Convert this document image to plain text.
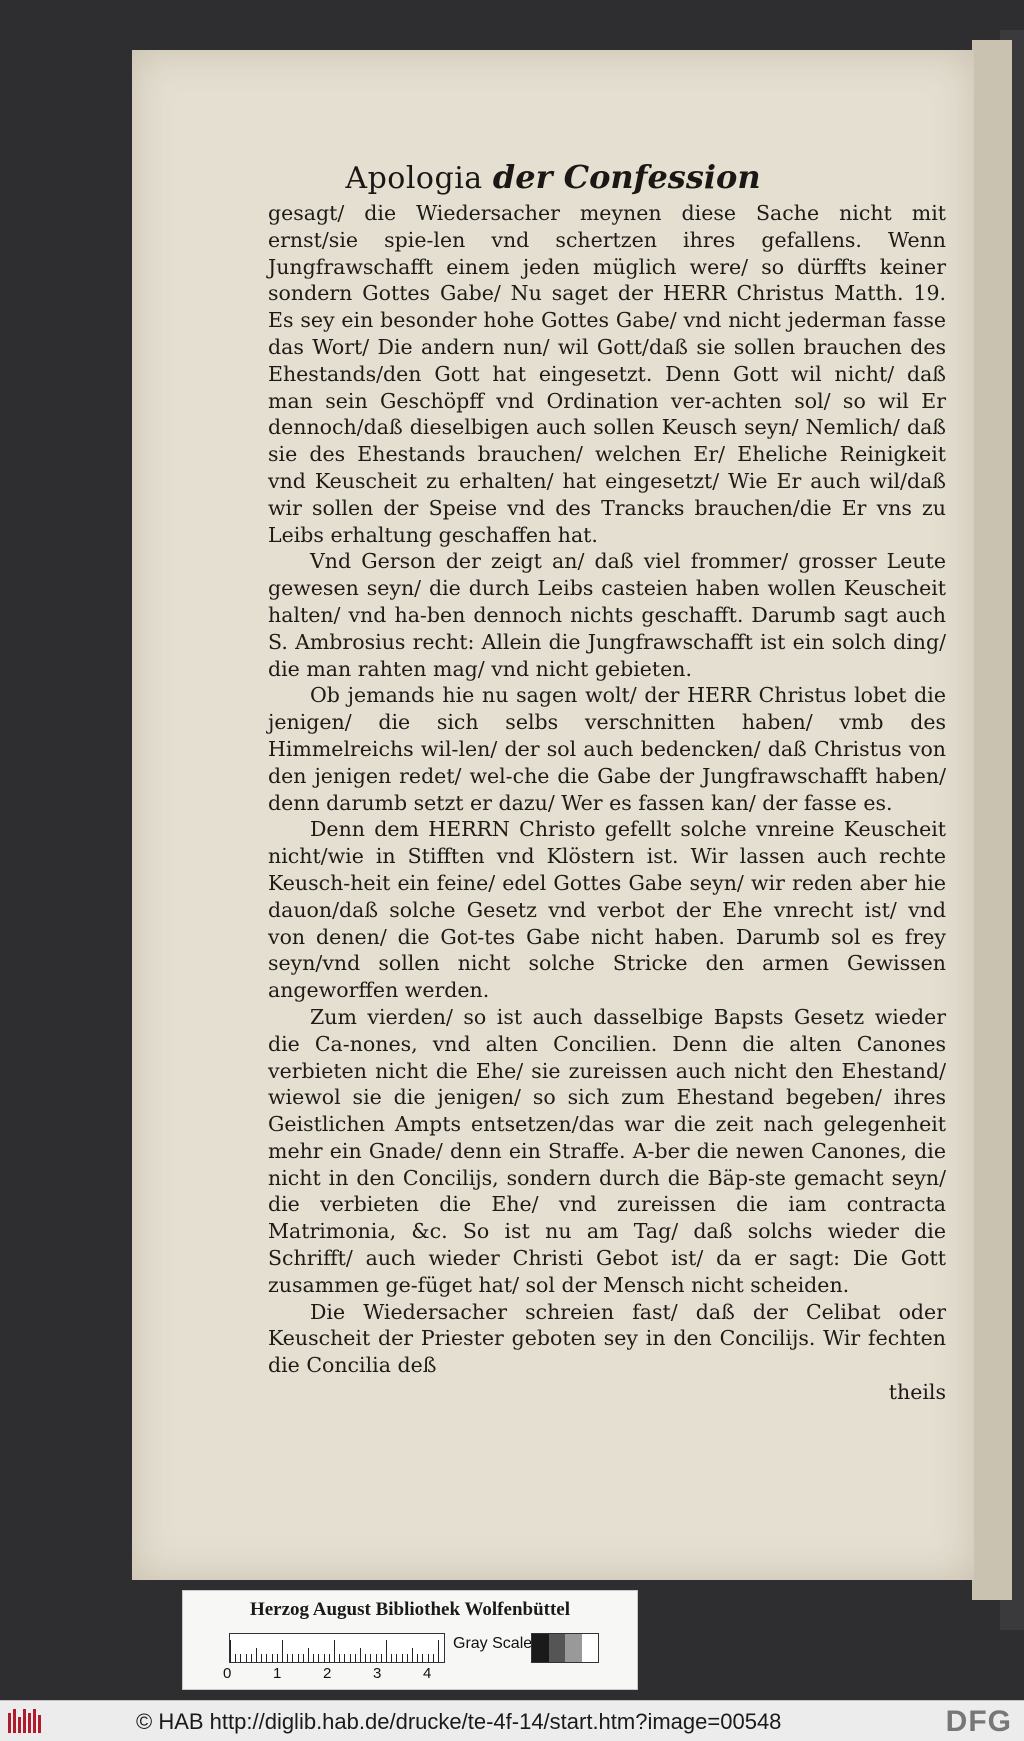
Apologia der Confession

gesagt/ die Wiedersacher meynen diese Sache nicht mit ernst/sie spie-len vnd schertzen ihres gefallens. Wenn Jungfrawschafft einem jeden müglich were/ so dürffts keiner sondern Gottes Gabe/ Nu saget der HERR Christus Matth. 19. Es sey ein besonder hohe Gottes Gabe/ vnd nicht jederman fasse das Wort/ Die andern nun/ wil Gott/daß sie sollen brauchen des Ehestands/den Gott hat eingesetzt. Denn Gott wil nicht/ daß man sein Geschöpff vnd Ordination ver-achten sol/ so wil Er dennoch/daß dieselbigen auch sollen Keusch seyn/ Nemlich/ daß sie des Ehestands brauchen/ welchen Er/ Eheliche Reinigkeit vnd Keuscheit zu erhalten/ hat eingesetzt/ Wie Er auch wil/daß wir sollen der Speise vnd des Trancks brauchen/die Er vns zu Leibs erhaltung geschaffen hat.

Vnd Gerson der zeigt an/ daß viel frommer/ grosser Leute gewesen seyn/ die durch Leibs casteien haben wollen Keuscheit halten/ vnd ha-ben dennoch nichts geschafft. Darumb sagt auch S. Ambrosius recht: Allein die Jungfrawschafft ist ein solch ding/ die man rahten mag/ vnd nicht gebieten.

Ob jemands hie nu sagen wolt/ der HERR Christus lobet die jenigen/ die sich selbs verschnitten haben/ vmb des Himmelreichs wil-len/ der sol auch bedencken/ daß Christus von den jenigen redet/ wel-che die Gabe der Jungfrawschafft haben/ denn darumb setzt er dazu/ Wer es fassen kan/ der fasse es.

Denn dem HERRN Christo gefellt solche vnreine Keuscheit nicht/wie in Stifften vnd Klöstern ist. Wir lassen auch rechte Keusch-heit ein feine/ edel Gottes Gabe seyn/ wir reden aber hie dauon/daß solche Gesetz vnd verbot der Ehe vnrecht ist/ vnd von denen/ die Got-tes Gabe nicht haben. Darumb sol es frey seyn/vnd sollen nicht solche Stricke den armen Gewissen angeworffen werden.

Zum vierden/ so ist auch dasselbige Bapsts Gesetz wieder die Ca-nones, vnd alten Concilien. Denn die alten Canones verbieten nicht die Ehe/ sie zureissen auch nicht den Ehestand/ wiewol sie die jenigen/ so sich zum Ehestand begeben/ ihres Geistlichen Ampts entsetzen/das war die zeit nach gelegenheit mehr ein Gnade/ denn ein Straffe. A-ber die newen Canones, die nicht in den Concilijs, sondern durch die Bäp-ste gemacht seyn/ die verbieten die Ehe/ vnd zureissen die iam contracta Matrimonia, &c. So ist nu am Tag/ daß solchs wieder die Schrifft/ auch wieder Christi Gebot ist/ da er sagt: Die Gott zusammen ge-füget hat/ sol der Mensch nicht scheiden.

Die Wiedersacher schreien fast/ daß der Celibat oder Keuscheit der Priester geboten sey in den Concilijs. Wir fechten die Concilia deß

theils
Herzog August Bibliothek Wolfenbüttel
0	1	2	3	4
Gray Scale
© HAB http://diglib.hab.de/drucke/te-4f-14/start.htm?image=00548	DFG
